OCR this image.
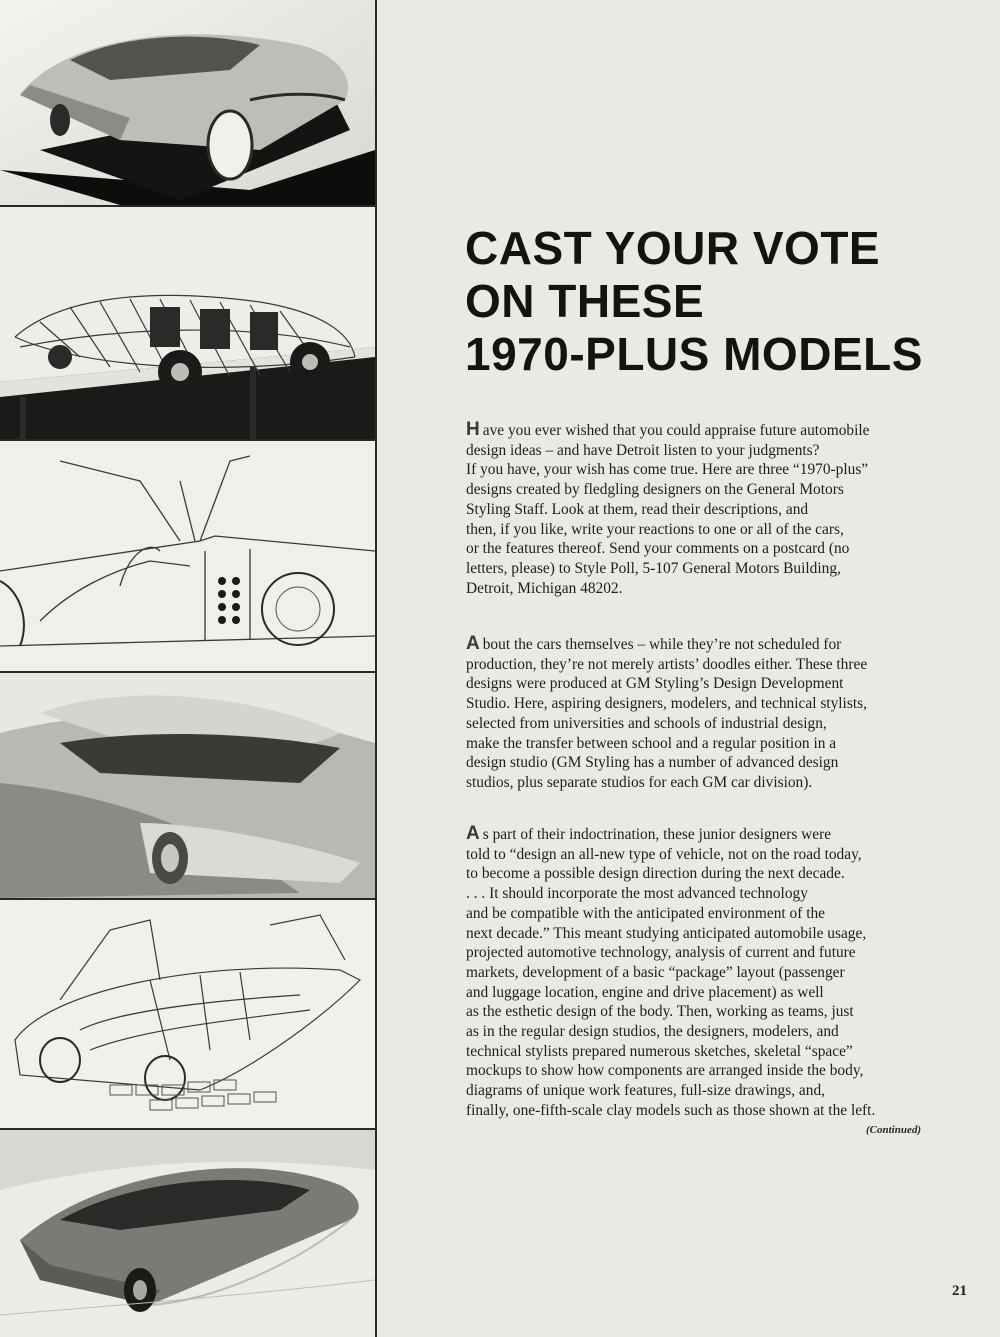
CAST YOUR VOTE
ON THESE
1970-PLUS MODELS
H ave you ever wished that you could appraise future automobile
design ideas – and have Detroit listen to your judgments?
If you have, your wish has come true. Here are three “1970-plus”
designs created by fledgling designers on the General Motors
Styling Staff. Look at them, read their descriptions, and
then, if you like, write your reactions to one or all of the cars,
or the features thereof. Send your comments on a postcard (no
letters, please) to Style Poll, 5-107 General Motors Building,
Detroit, Michigan 48202.
A bout the cars themselves – while they’re not scheduled for
production, they’re not merely artists’ doodles either. These three
designs were produced at GM Styling’s Design Development
Studio. Here, aspiring designers, modelers, and technical stylists,
selected from universities and schools of industrial design,
make the transfer between school and a regular position in a
design studio (GM Styling has a number of advanced design
studios, plus separate studios for each GM car division).
A s part of their indoctrination, these junior designers were
told to “design an all-new type of vehicle, not on the road today,
to become a possible design direction during the next decade.
. . . It should incorporate the most advanced technology
and be compatible with the anticipated environment of the
next decade.” This meant studying anticipated automobile usage,
projected automotive technology, analysis of current and future
markets, development of a basic “package” layout (passenger
and luggage location, engine and drive placement) as well
as the esthetic design of the body. Then, working as teams, just
as in the regular design studios, the designers, modelers, and
technical stylists prepared numerous sketches, skeletal “space”
mockups to show how components are arranged inside the body,
diagrams of unique work features, full-size drawings, and,
finally, one-fifth-scale clay models such as those shown at the left.
(Continued)
21
